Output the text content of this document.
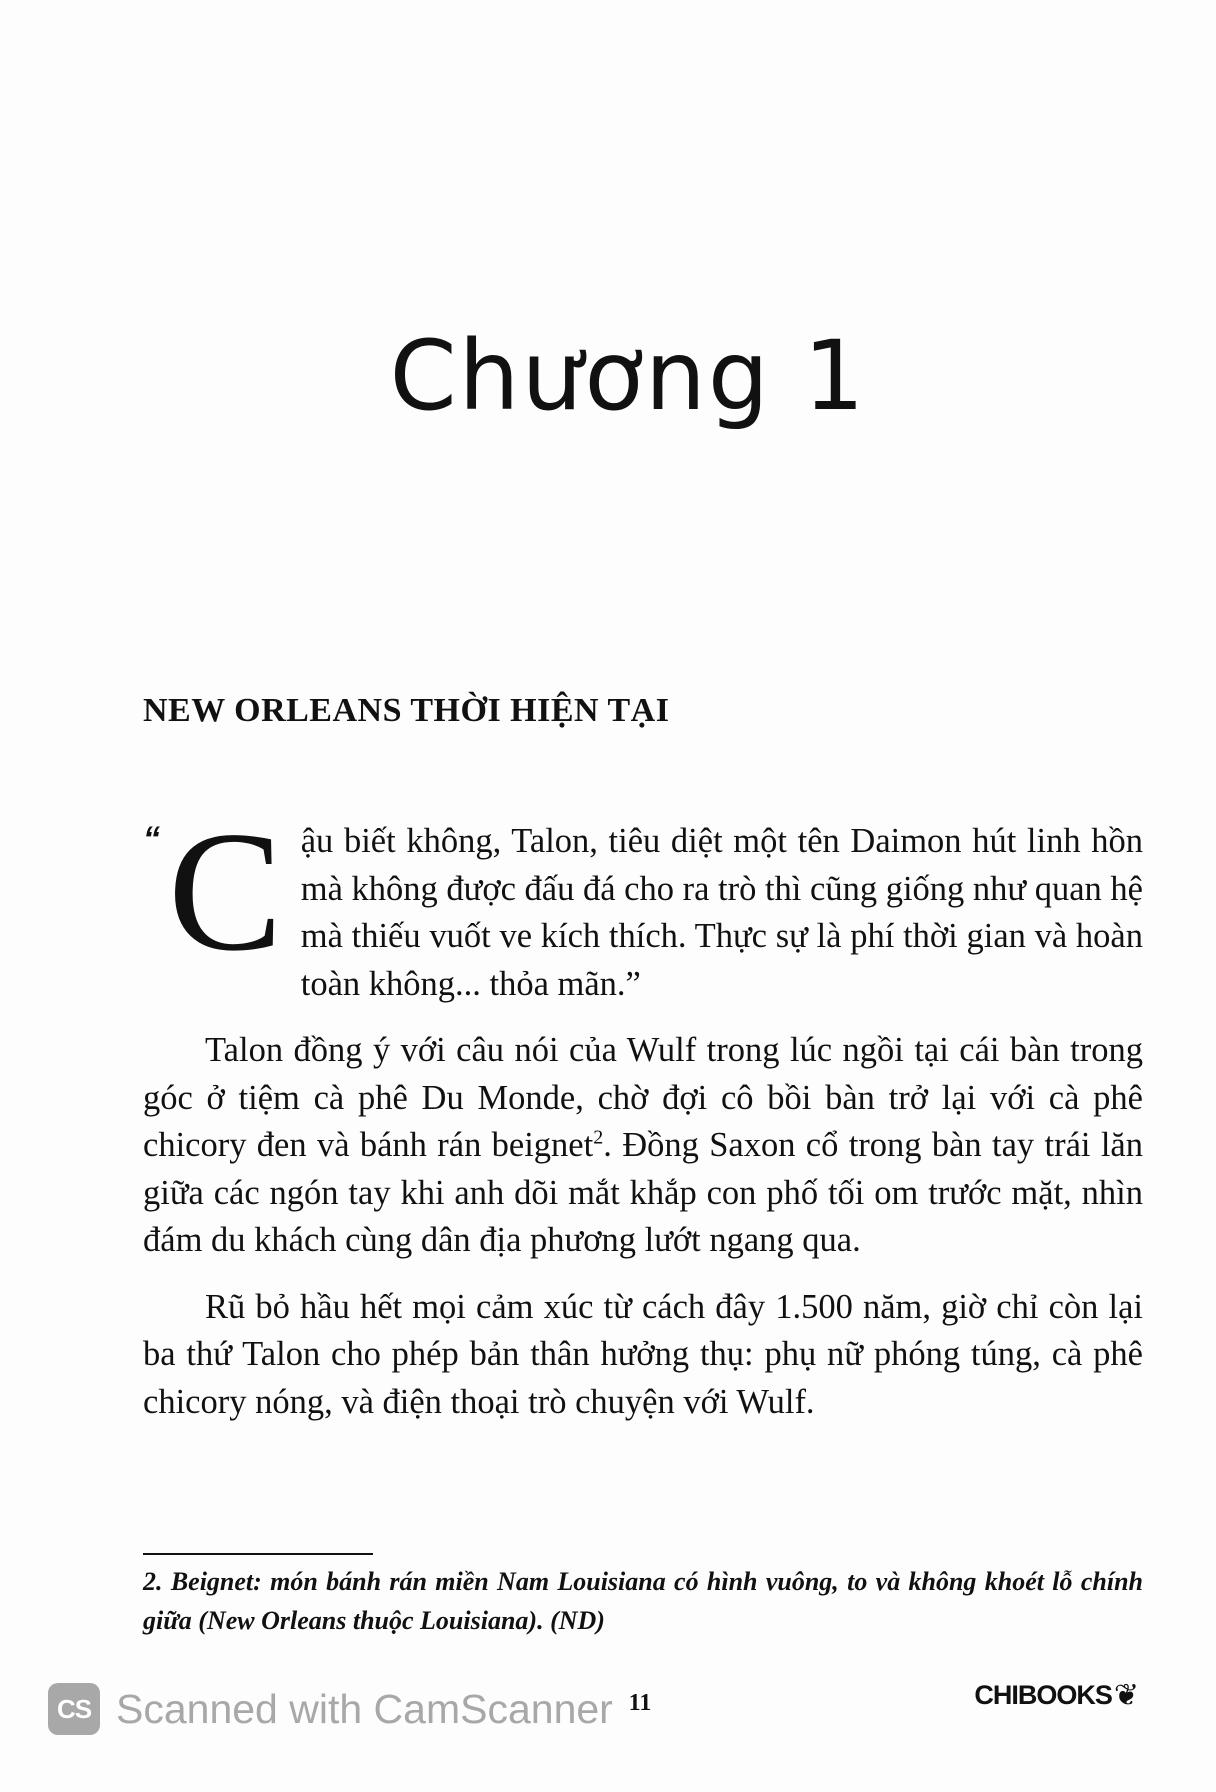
Chương 1
NEW ORLEANS THỜI HIỆN TẠI

“ C ậu biết không, Talon, tiêu diệt một tên Daimon hút linh hồn mà không được đấu đá cho ra trò thì cũng giống như quan hệ mà thiếu vuốt ve kích thích. Thực sự là phí thời gian và hoàn toàn không... thỏa mãn.”

Talon đồng ý với câu nói của Wulf trong lúc ngồi tại cái bàn trong góc ở tiệm cà phê Du Monde, chờ đợi cô bồi bàn trở lại với cà phê chicory đen và bánh rán beignet$^2$. Đồng Saxon cổ trong bàn tay trái lăn giữa các ngón tay khi anh dõi mắt khắp con phố tối om trước mặt, nhìn đám du khách cùng dân địa phương lướt ngang qua.

Rũ bỏ hầu hết mọi cảm xúc từ cách đây 1.500 năm, giờ chỉ còn lại ba thứ Talon cho phép bản thân hưởng thụ: phụ nữ phóng túng, cà phê chicory nóng, và điện thoại trò chuyện với Wulf.

2. Beignet: món bánh rán miền Nam Louisiana có hình vuông, to và không khoét lỗ chính giữa (New Orleans thuộc Louisiana). (ND)

11	CHIBOOKS ❦
CS Scanned with CamScanner
